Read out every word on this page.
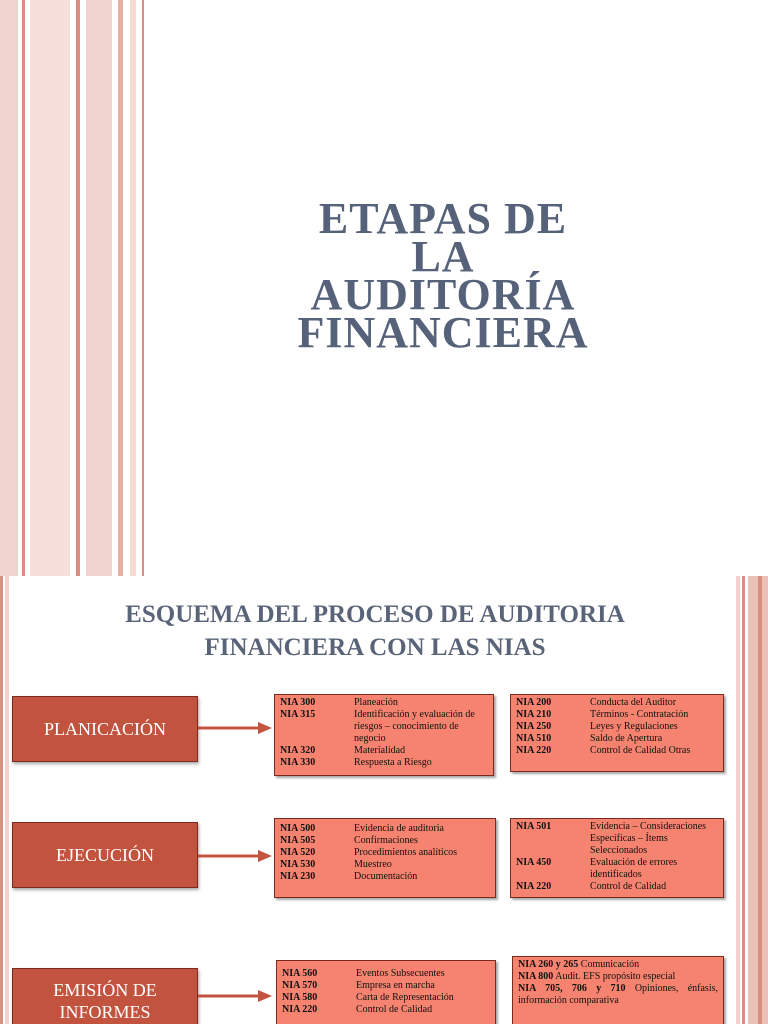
ETAPAS DE
LA
AUDITORÍA
FINANCIERA
ESQUEMA DEL PROCESO DE AUDITORIA
FINANCIERA CON LAS NIAS
PLANICACIÓN
NIA 300	Planeación
NIA 315	Identificación y evaluación de riesgos – conocimiento de negocio
NIA 320	Materialidad
NIA 330	Respuesta a Riesgo
NIA 200	Conducta del Auditor
NIA 210	Términos - Contratación
NIA 250	Leyes y Regulaciones
NIA 510	Saldo de Apertura
NIA 220	Control de Calidad Otras
EJECUCIÓN
NIA 500	Evidencia de auditoria
NIA 505	Confirmaciones
NIA 520	Procedimientos analíticos
NIA 530	Muestreo
NIA 230	Documentación
NIA 501	Evidencia – Consideraciones Específicas – Ítems Seleccionados
NIA 450	Evaluación de errores identificados
NIA 220	Control de Calidad
EMISIÓN DE INFORMES
NIA 560	Eventos Subsecuentes
NIA 570	Empresa en marcha
NIA 580	Carta de Representación
NIA 220	Control de Calidad
NIA 260 y 265 Comunicación
NIA 800 Audit. EFS propósito especial
NIA 705, 706 y 710 Opiniones, énfasis, información comparativa
